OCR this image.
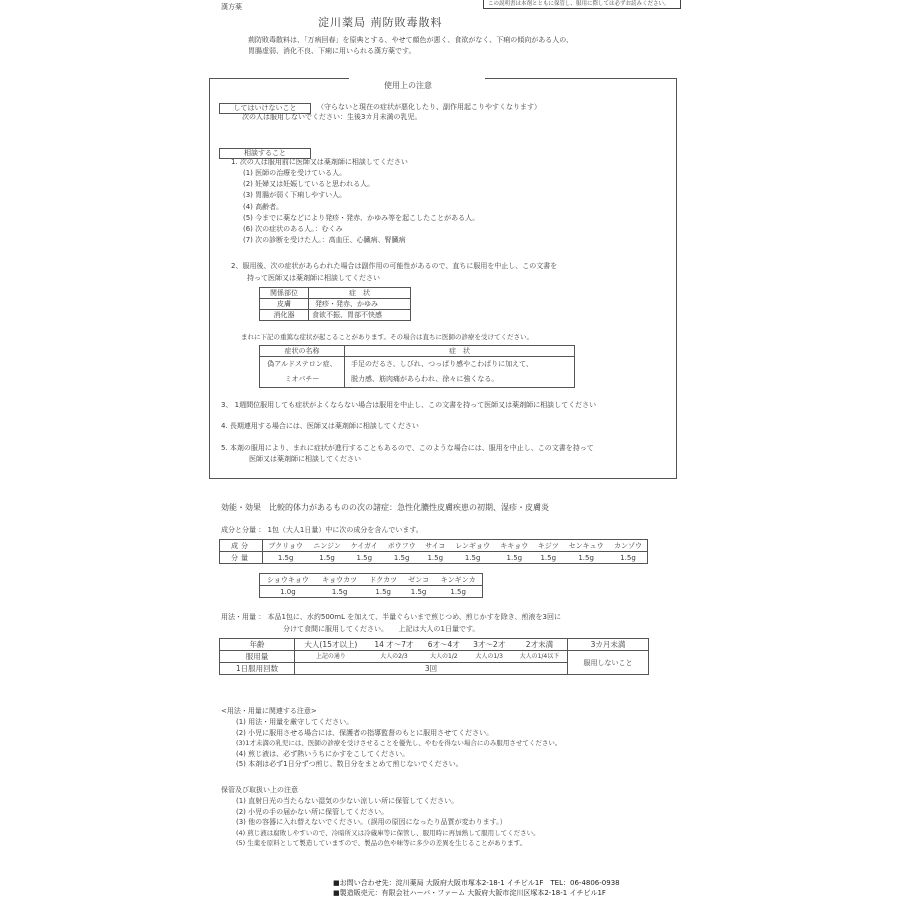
漢方薬	この説明書は本剤とともに保管し、服用に際しては必ずお読みください。
淀川薬局 荊防敗毒散料
荊防敗毒散料は、「万病回春」を原典とする、やせて顔色が悪く、食欲がなく、下痢の傾向がある人の、
胃腸虚弱、消化不良、下痢に用いられる漢方薬です。
使用上の注意
してはいけないこと	（守らないと現在の症状が悪化したり、副作用起こりやすくなります）
次の人は服用しないでください：生後3カ月未満の乳児。
相談すること
1. 次の人は服用前に医師又は薬剤師に相談してください
(1) 医師の治療を受けている人。
(2) 妊婦又は妊娠していると思われる人。
(3) 胃腸が弱く下痢しやすい人。
(4) 高齢者。
(5) 今までに薬などにより発疹・発赤、かゆみ等を起こしたことがある人。
(6) 次の症状のある人。：むくみ
(7) 次の診断を受けた人。：高血圧、心臓病、腎臓病
2、服用後、次の症状があらわれた場合は副作用の可能性があるので、直ちに服用を中止し、この文書を
持って医師又は薬剤師に相談してください
関係部位	症　状
皮膚	発疹・発赤、かゆみ
消化器	食欲不振、胃部不快感
まれに下記の重篤な症状が起こることがあります。その場合は直ちに医師の診療を受けてください。
症状の名称	症　状

偽アルドステロン症、
ミオパチー	手足のだるさ、しびれ、つっぱり感やこわばりに加えて、
脱力感、筋肉痛があらわれ、徐々に強くなる。
3、 1週間位服用しても症状がよくならない場合は服用を中止し、この文書を持って医師又は薬剤師に相談してください
4. 長期連用する場合には、医師又は薬剤師に相談してください
5. 本剤の服用により、まれに症状が進行することもあるので、このような場合には、服用を中止し、この文書を持って
医師又は薬剤師に相談してください
効能・効果　比較的体力があるものの次の諸症：急性化膿性皮膚疾患の初期、湿疹・皮膚炎
成分と分量 ： 1包（大人1日量）中に次の成分を含んでいます。
成分	ブクリョウ	ニンジン	ケイガイ	ボウフウ	サイコ	レンギョウ	キキョウ	キジツ	センキュウ	カンゾウ
分量	1.5g	1.5g	1.5g	1.5g	1.5g	1.5g	1.5g	1.5g	1.5g	1.5g
ショウキョウ	キョウカツ	ドクカツ	ゼンコ	キンギンカ
1.0g	1.5g	1.5g	1.5g	1.5g
用法・用量 ： 本品1包に、水約500mL を加えて、半量ぐらいまで煎じつめ、煎じかすを除き、煎液を3回に
分けて食間に服用してください。　　上記は大人の1日量です。
年齢	大人(15才以上)	14 才～7才	6才～4才	3才～2才	2才未満	3カ月未満
服用量	上記の通り	大人の2/3	大人の1/2	大人の1/3	大人の1/4以下	服用しないこと
1日服用回数	3回					
<用法・用量に関連する注意>
(1) 用法・用量を厳守してください。
(2) 小児に服用させる場合には、保護者の指導監督のもとに服用させてください。
(3)1才未満の乳児には、医師の診療を受けさせることを優先し、やむを得ない場合にのみ服用させてください。
(4) 煎じ液は、必ず熱いうちにかすをこしてください。
(5) 本剤は必ず1日分ずつ煎じ、数日分をまとめて煎じないでください。
保管及び取扱い上の注意
(1) 直射日光の当たらない湿気の少ない涼しい所に保管してください。
(2) 小児の手の届かない所に保管してください。
(3) 他の容器に入れ替えないでください。（誤用の原因になったり品質が変わります。）
(4) 煎じ液は腐敗しやすいので、冷暗所又は冷蔵庫等に保管し、服用時に再加熱して服用してください。
(5) 生薬を原料として製造していますので、製品の色や味等に多少の差異を生じることがあります。
■お問い合わせ先：淀川薬局 大阪府大阪市塚本2-18-1 イチビル1F　TEL：06-4806-0938
■製造販売元：有限会社ハーバ・ファーム 大阪府大阪市淀川区塚本2-18-1 イチビル1F
